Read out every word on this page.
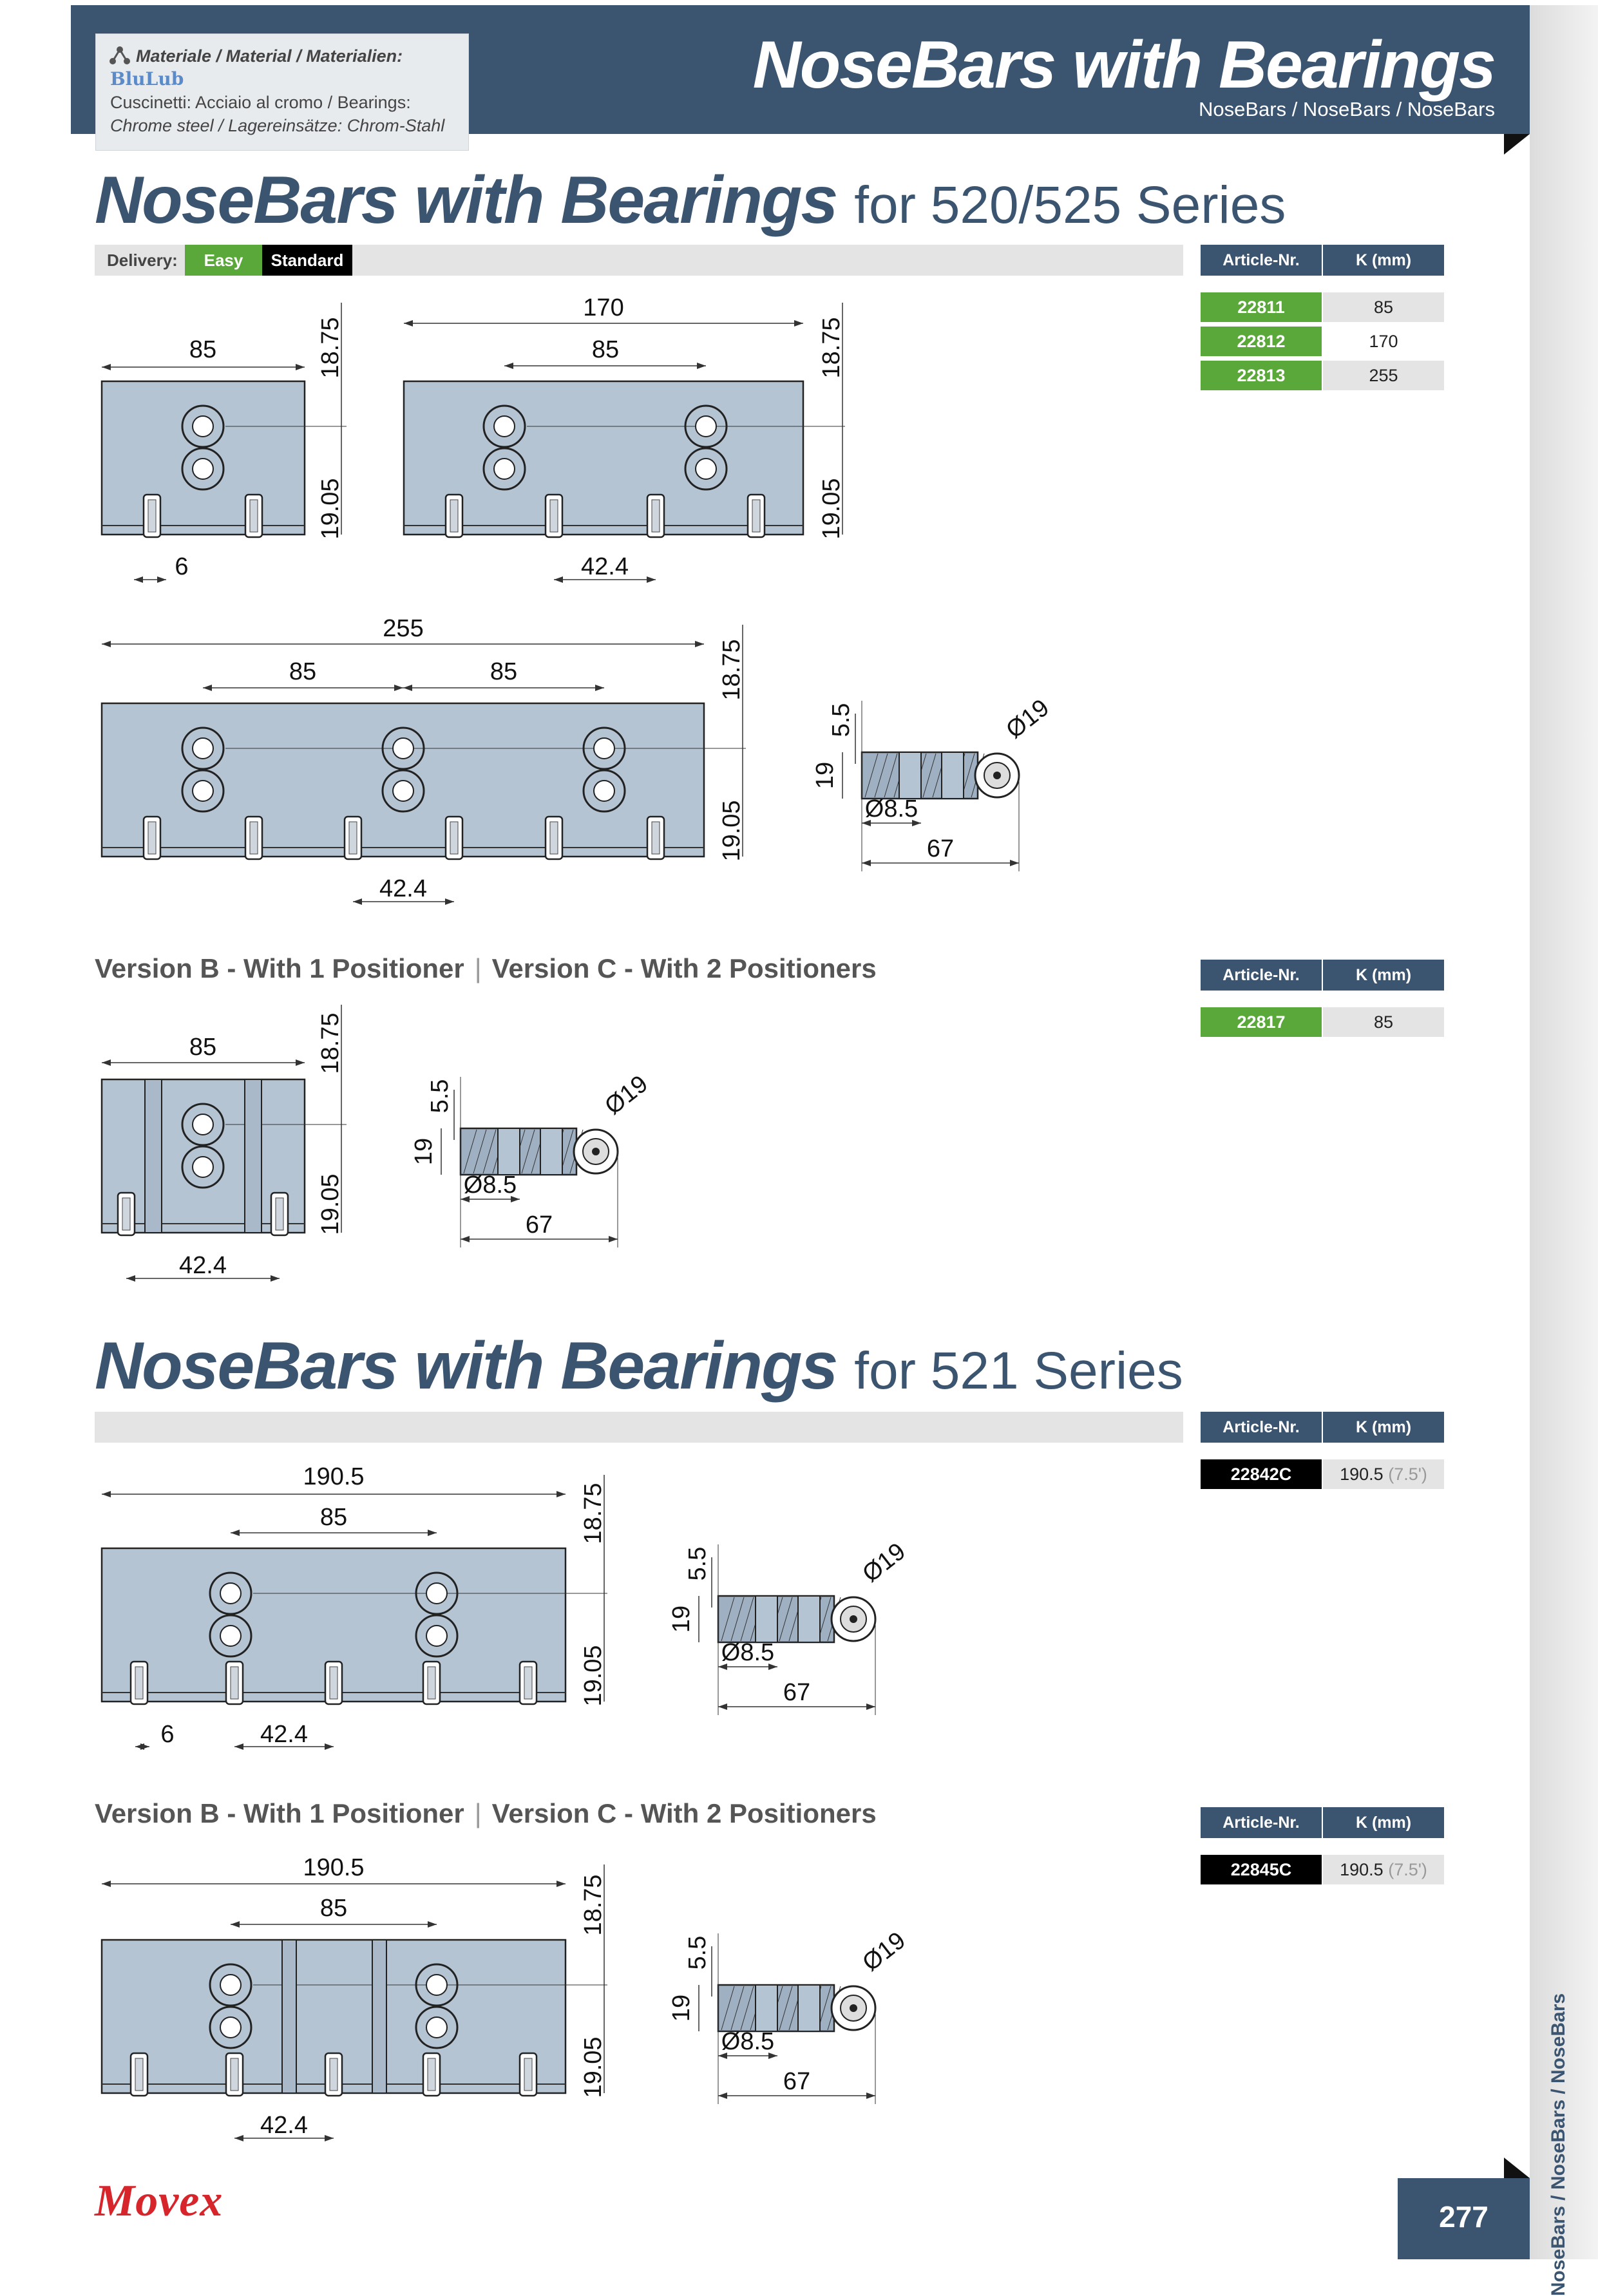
Materiale / Material / Materialien:
BluLub
Cuscinetti: Acciaio al cromo / Bearings:
Chrome steel / Lagereinsätze: Chrom-Stahl
NoseBars with Bearings
NoseBars / NoseBars / NoseBars
NoseBars / NoseBars / NoseBars
NoseBars with Bearings for 520/525 Series
Delivery:	Easy	Standard	Article-Nr.	K (mm)
22811	85
22812	170
22813	255
Version B - With 1 Positioner | Version C - With 2 Positioners	Article-Nr.	K (mm)
22817	85
NoseBars with Bearings for 521 Series
Article-Nr.	K (mm)
22842C	190.5 (7.5')
Version B - With 1 Positioner | Version C - With 2 Positioners	Article-Nr.	K (mm)
22845C	190.5 (7.5')
85	18.75
19.05
6
170
85	18.75
19.05
42.4
255
85	85	18.75
19.05
42.4
67
Ø8.5
19
5.5	Ø19
67
Ø8.5
19
5.5	Ø19
67
Ø8.5
19
5.5	Ø19
67
Ø8.5
19
5.5	Ø19
85	18.75
19.05
42.4
190.5
85	18.75
19.05
6	42.4
190.5
85	18.75
19.05
42.4
Movex	277
